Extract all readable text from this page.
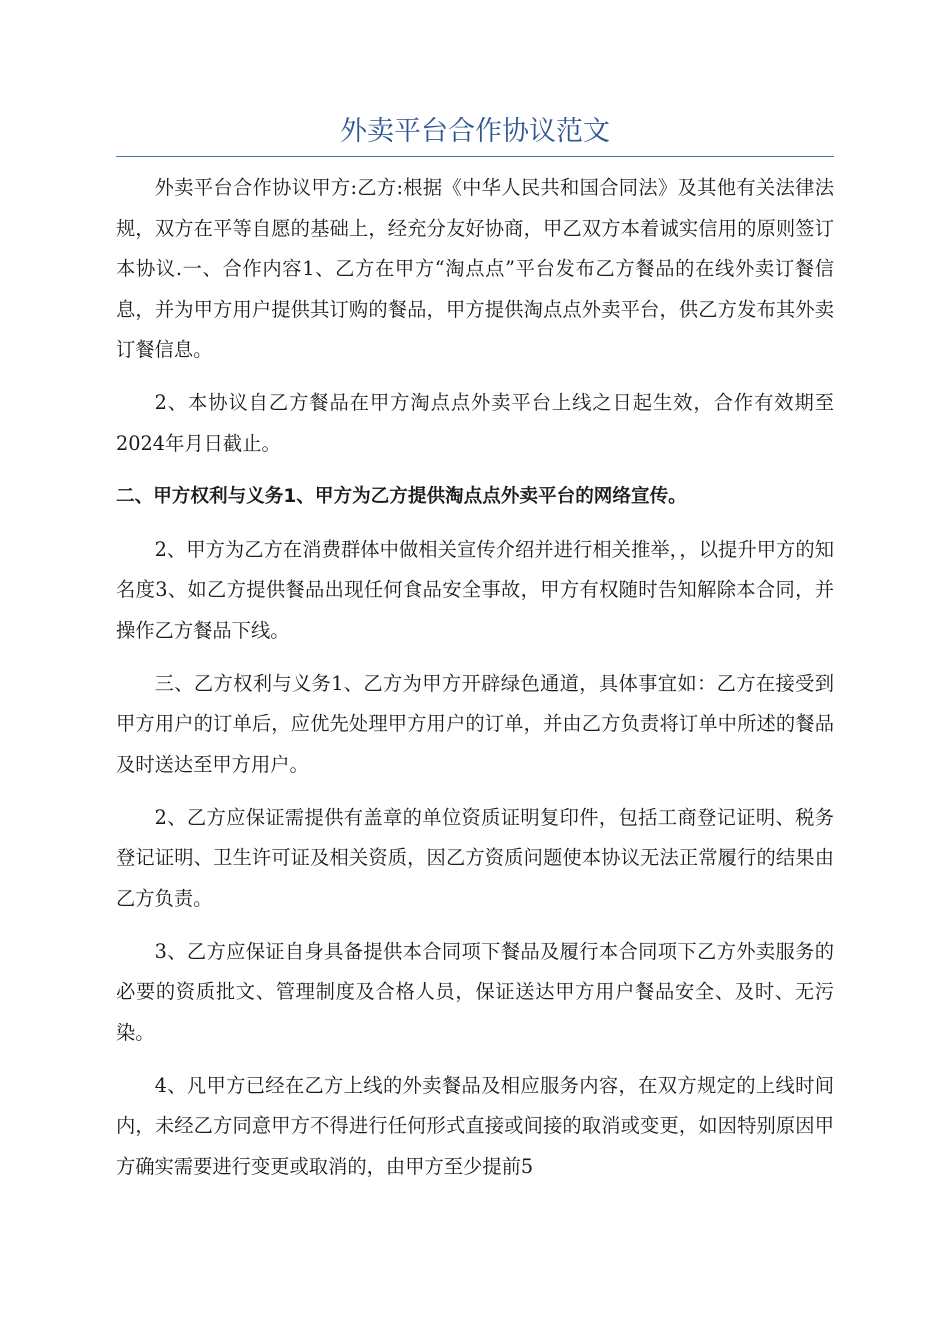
外卖平台合作协议范文

外卖平台合作协议甲方:乙方:根据《中华人民共和国合同法》及其他有关法律法规，双方在平等自愿的基础上，经充分友好协商，甲乙双方本着诚实信用的原则签订本协议.一、合作内容1、乙方在甲方“淘点点”平台发布乙方餐品的在线外卖订餐信息，并为甲方用户提供其订购的餐品，甲方提供淘点点外卖平台，供乙方发布其外卖订餐信息。

2、本协议自乙方餐品在甲方淘点点外卖平台上线之日起生效，合作有效期至2024年月日截止。

二、甲方权利与义务1、甲方为乙方提供淘点点外卖平台的网络宣传。

2、甲方为乙方在消费群体中做相关宣传介绍并进行相关推举，，以提升甲方的知名度3、如乙方提供餐品出现任何食品安全事故，甲方有权随时告知解除本合同，并操作乙方餐品下线。

三、乙方权利与义务1、乙方为甲方开辟绿色通道，具体事宜如：乙方在接受到甲方用户的订单后，应优先处理甲方用户的订单，并由乙方负责将订单中所述的餐品及时送达至甲方用户。

2、乙方应保证需提供有盖章的单位资质证明复印件，包括工商登记证明、税务登记证明、卫生许可证及相关资质，因乙方资质问题使本协议无法正常履行的结果由乙方负责。

3、乙方应保证自身具备提供本合同项下餐品及履行本合同项下乙方外卖服务的必要的资质批文、管理制度及合格人员，保证送达甲方用户餐品安全、及时、无污染。

4、凡甲方已经在乙方上线的外卖餐品及相应服务内容，在双方规定的上线时间内，未经乙方同意甲方不得进行任何形式直接或间接的取消或变更，如因特别原因甲方确实需要进行变更或取消的，由甲方至少提前5
